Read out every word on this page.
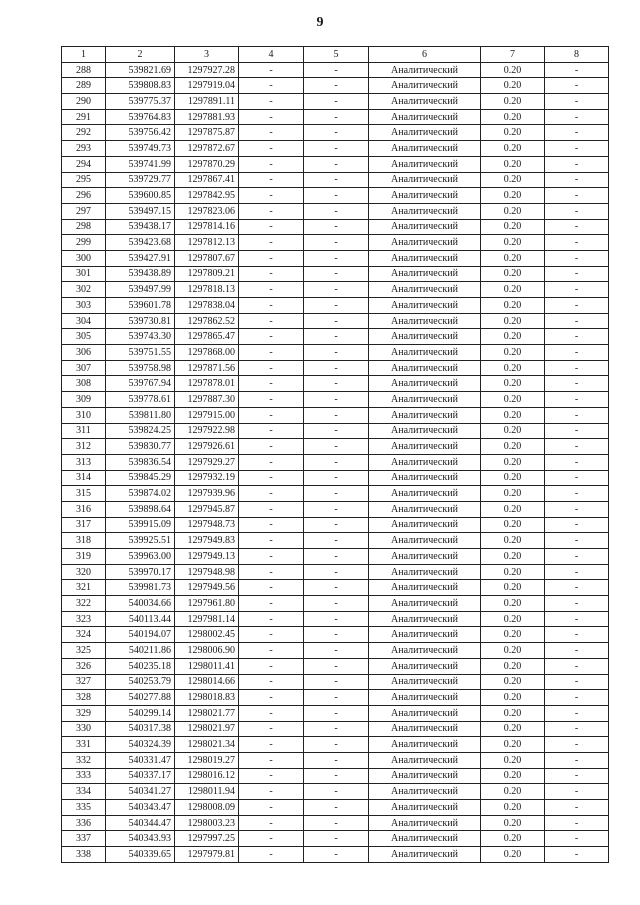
9
1	2	3	4	5	6	7	8
288	539821.69	1297927.28	-	-	Аналитический	0.20	-
289	539808.83	1297919.04	-	-	Аналитический	0.20	-
290	539775.37	1297891.11	-	-	Аналитический	0.20	-
291	539764.83	1297881.93	-	-	Аналитический	0.20	-
292	539756.42	1297875.87	-	-	Аналитический	0.20	-
293	539749.73	1297872.67	-	-	Аналитический	0.20	-
294	539741.99	1297870.29	-	-	Аналитический	0.20	-
295	539729.77	1297867.41	-	-	Аналитический	0.20	-
296	539600.85	1297842.95	-	-	Аналитический	0.20	-
297	539497.15	1297823.06	-	-	Аналитический	0.20	-
298	539438.17	1297814.16	-	-	Аналитический	0.20	-
299	539423.68	1297812.13	-	-	Аналитический	0.20	-
300	539427.91	1297807.67	-	-	Аналитический	0.20	-
301	539438.89	1297809.21	-	-	Аналитический	0.20	-
302	539497.99	1297818.13	-	-	Аналитический	0.20	-
303	539601.78	1297838.04	-	-	Аналитический	0.20	-
304	539730.81	1297862.52	-	-	Аналитический	0.20	-
305	539743.30	1297865.47	-	-	Аналитический	0.20	-
306	539751.55	1297868.00	-	-	Аналитический	0.20	-
307	539758.98	1297871.56	-	-	Аналитический	0.20	-
308	539767.94	1297878.01	-	-	Аналитический	0.20	-
309	539778.61	1297887.30	-	-	Аналитический	0.20	-
310	539811.80	1297915.00	-	-	Аналитический	0.20	-
311	539824.25	1297922.98	-	-	Аналитический	0.20	-
312	539830.77	1297926.61	-	-	Аналитический	0.20	-
313	539836.54	1297929.27	-	-	Аналитический	0.20	-
314	539845.29	1297932.19	-	-	Аналитический	0.20	-
315	539874.02	1297939.96	-	-	Аналитический	0.20	-
316	539898.64	1297945.87	-	-	Аналитический	0.20	-
317	539915.09	1297948.73	-	-	Аналитический	0.20	-
318	539925.51	1297949.83	-	-	Аналитический	0.20	-
319	539963.00	1297949.13	-	-	Аналитический	0.20	-
320	539970.17	1297948.98	-	-	Аналитический	0.20	-
321	539981.73	1297949.56	-	-	Аналитический	0.20	-
322	540034.66	1297961.80	-	-	Аналитический	0.20	-
323	540113.44	1297981.14	-	-	Аналитический	0.20	-
324	540194.07	1298002.45	-	-	Аналитический	0.20	-
325	540211.86	1298006.90	-	-	Аналитический	0.20	-
326	540235.18	1298011.41	-	-	Аналитический	0.20	-
327	540253.79	1298014.66	-	-	Аналитический	0.20	-
328	540277.88	1298018.83	-	-	Аналитический	0.20	-
329	540299.14	1298021.77	-	-	Аналитический	0.20	-
330	540317.38	1298021.97	-	-	Аналитический	0.20	-
331	540324.39	1298021.34	-	-	Аналитический	0.20	-
332	540331.47	1298019.27	-	-	Аналитический	0.20	-
333	540337.17	1298016.12	-	-	Аналитический	0.20	-
334	540341.27	1298011.94	-	-	Аналитический	0.20	-
335	540343.47	1298008.09	-	-	Аналитический	0.20	-
336	540344.47	1298003.23	-	-	Аналитический	0.20	-
337	540343.93	1297997.25	-	-	Аналитический	0.20	-
338	540339.65	1297979.81	-	-	Аналитический	0.20	-
